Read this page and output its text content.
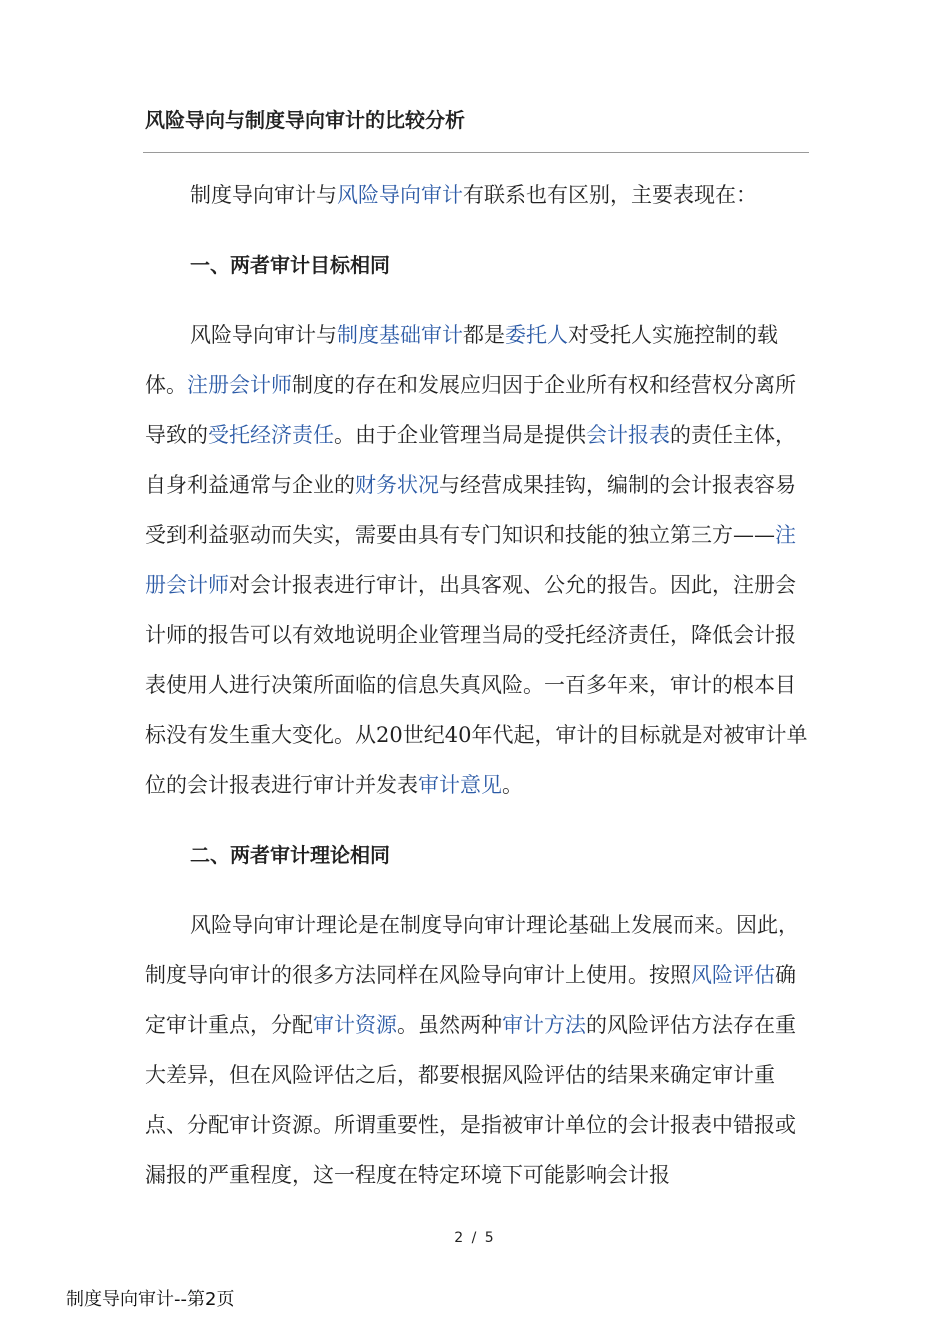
风险导向与制度导向审计的比较分析

制度导向审计与风险导向审计有联系也有区别，主要表现在：

一、两者审计目标相同

风险导向审计与制度基础审计都是委托人对受托人实施控制的载体。注册会计师制度的存在和发展应归因于企业所有权和经营权分离所导致的受托经济责任。由于企业管理当局是提供会计报表的责任主体，自身利益通常与企业的财务状况与经营成果挂钩，编制的会计报表容易受到利益驱动而失实，需要由具有专门知识和技能的独立第三方——注册会计师对会计报表进行审计，出具客观、公允的报告。因此，注册会计师的报告可以有效地说明企业管理当局的受托经济责任，降低会计报表使用人进行决策所面临的信息失真风险。一百多年来，审计的根本目标没有发生重大变化。从20世纪40年代起，审计的目标就是对被审计单位的会计报表进行审计并发表审计意见。

二、两者审计理论相同

风险导向审计理论是在制度导向审计理论基础上发展而来。因此，制度导向审计的很多方法同样在风险导向审计上使用。按照风险评估确定审计重点，分配审计资源。虽然两种审计方法的风险评估方法存在重大差异，但在风险评估之后，都要根据风险评估的结果来确定审计重点、分配审计资源。所谓重要性，是指被审计单位的会计报表中错报或漏报的严重程度，这一程度在特定环境下可能影响会计报

2 / 5
制度导向审计--第2页
